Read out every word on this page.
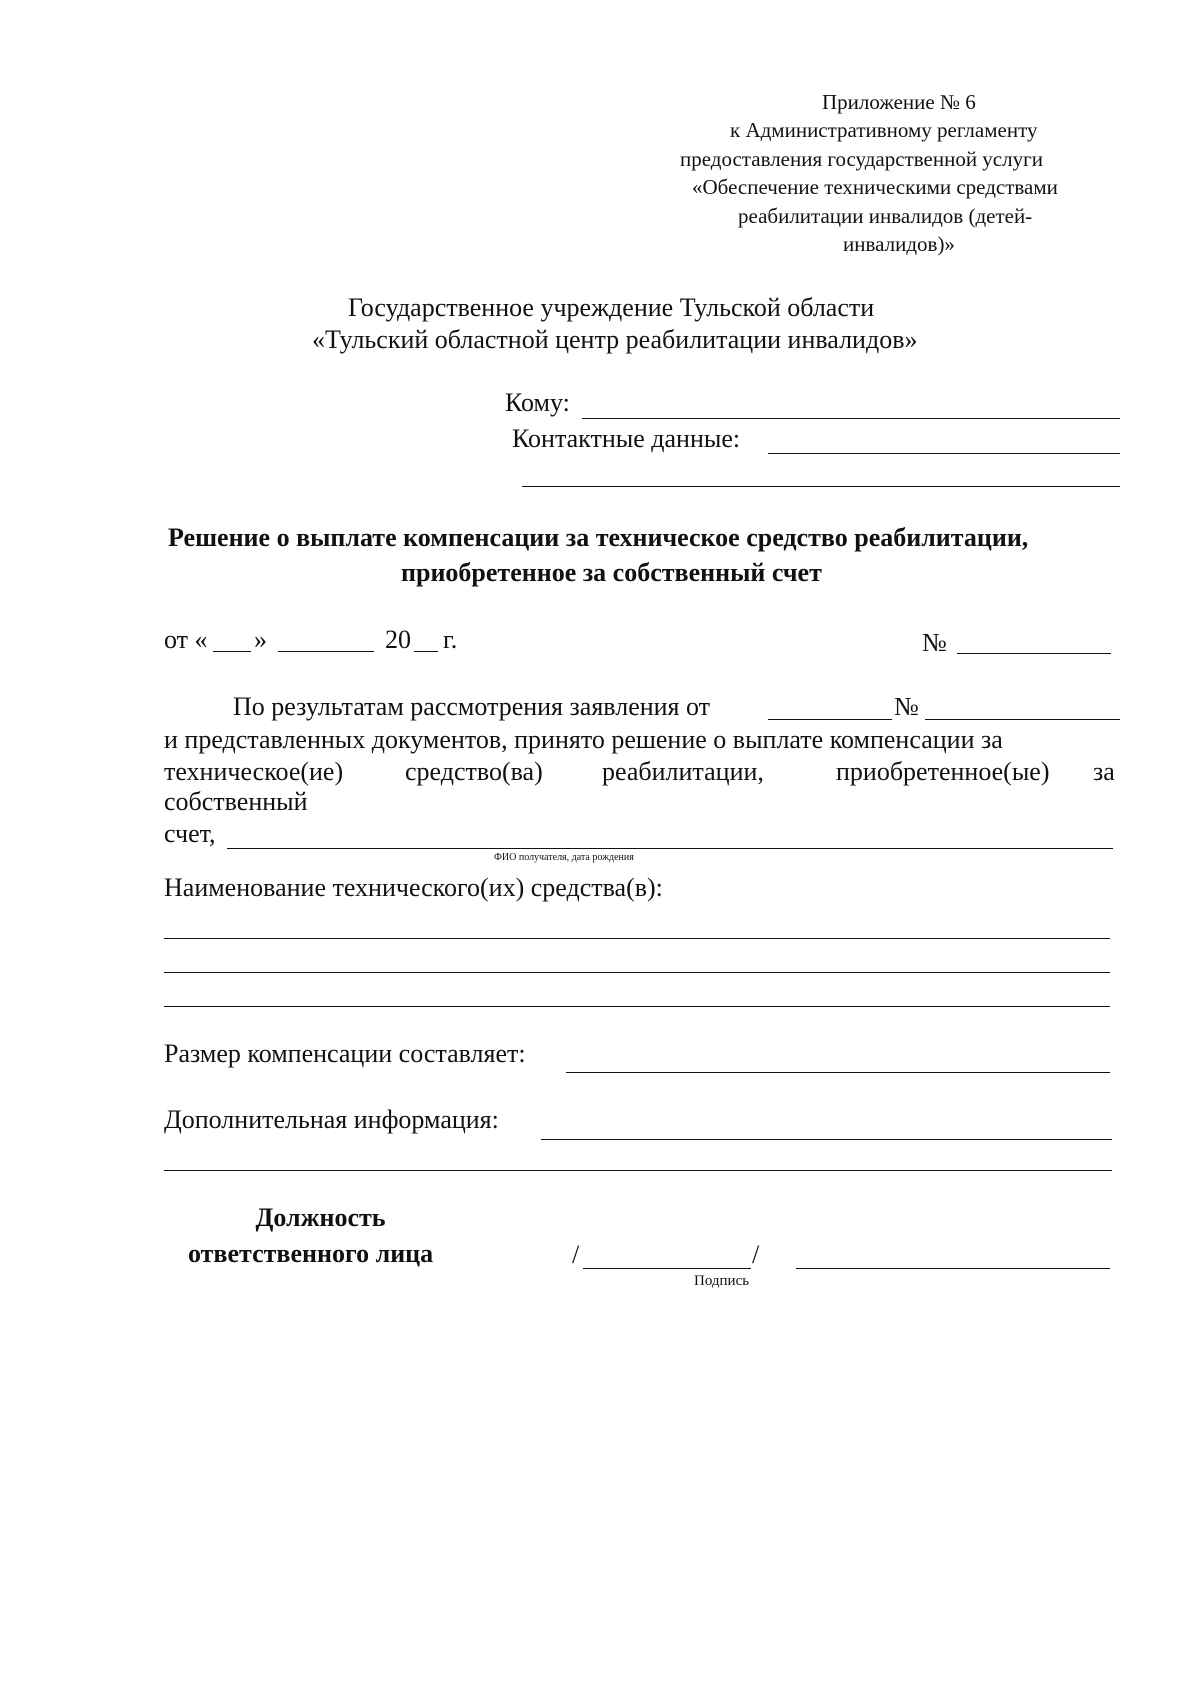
Приложение № 6
к Административному регламенту
предоставления государственной услуги
«Обеспечение техническими средствами
реабилитации инвалидов (детей-
инвалидов)»
Государственное учреждение Тульской области
«Тульский областной центр реабилитации инвалидов»
Кому:
Контактные данные:
Решение о выплате компенсации за техническое средство реабилитации,
приобретенное за собственный счет
от « »	20 г.	№
По результатам рассмотрения заявления от	№
и представленных документов, принято решение о выплате компенсации за
техническое(ие) средство(ва) реабилитации,	приобретенное(ые) за
собственный
счет,
ФИО получателя, дата рождения
Наименование технического(их) средства(в):
Размер компенсации составляет:
Дополнительная информация:
Должность
ответственного лица	/	/
Подпись
